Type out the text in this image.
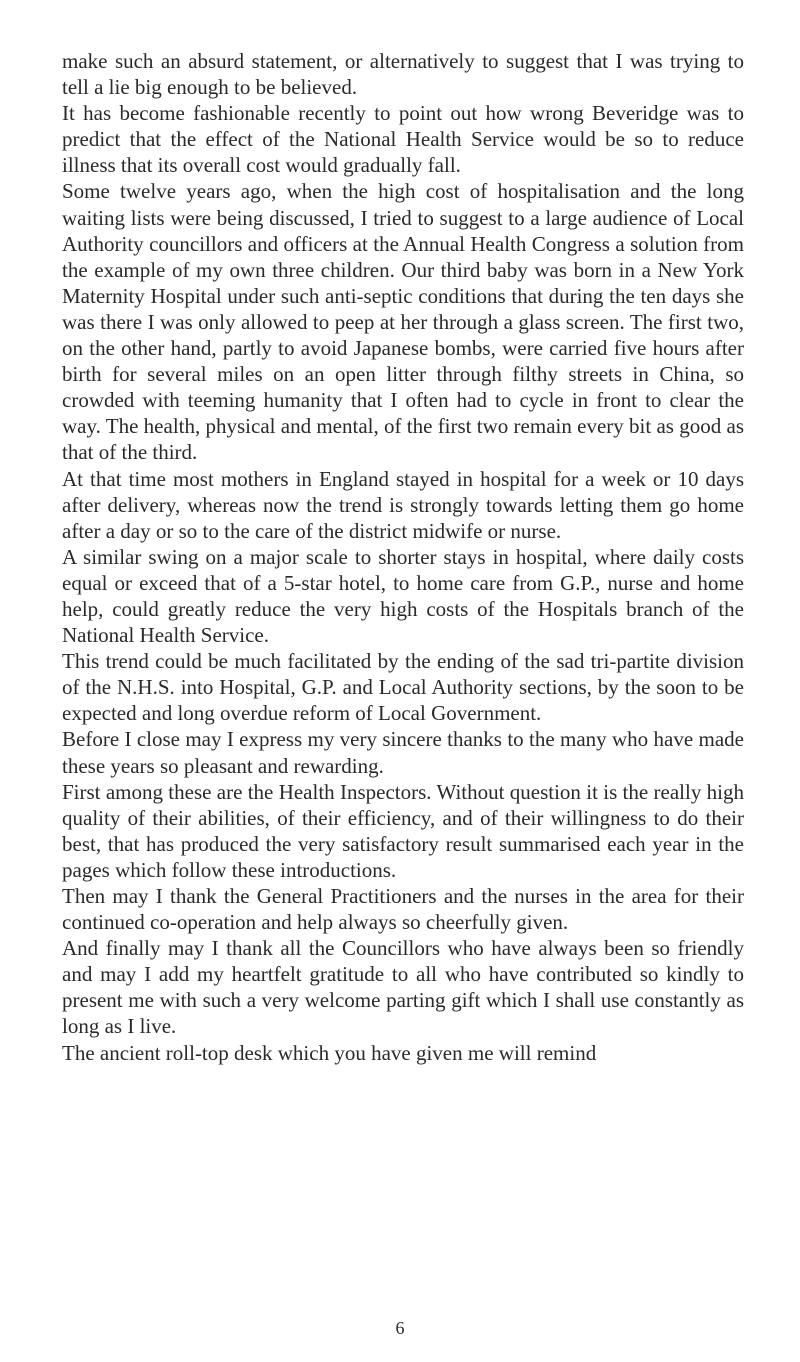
make such an absurd statement, or alternatively to suggest that I was trying to tell a lie big enough to be believed.

It has become fashionable recently to point out how wrong Beveridge was to predict that the effect of the National Health Service would be so to reduce illness that its overall cost would gradually fall.

Some twelve years ago, when the high cost of hospitalisation and the long waiting lists were being discussed, I tried to suggest to a large audience of Local Authority councillors and officers at the Annual Health Congress a solution from the example of my own three children. Our third baby was born in a New York Maternity Hospital under such anti-septic conditions that during the ten days she was there I was only allowed to peep at her through a glass screen. The first two, on the other hand, partly to avoid Japanese bombs, were carried five hours after birth for several miles on an open litter through filthy streets in China, so crowded with teeming humanity that I often had to cycle in front to clear the way. The health, physical and mental, of the first two remain every bit as good as that of the third.

At that time most mothers in England stayed in hospital for a week or 10 days after delivery, whereas now the trend is strongly towards letting them go home after a day or so to the care of the district midwife or nurse.

A similar swing on a major scale to shorter stays in hospital, where daily costs equal or exceed that of a 5-star hotel, to home care from G.P., nurse and home help, could greatly reduce the very high costs of the Hospitals branch of the National Health Service.

This trend could be much facilitated by the ending of the sad tri-partite division of the N.H.S. into Hospital, G.P. and Local Authority sections, by the soon to be expected and long overdue reform of Local Government.

Before I close may I express my very sincere thanks to the many who have made these years so pleasant and rewarding.

First among these are the Health Inspectors. Without question it is the really high quality of their abilities, of their efficiency, and of their willingness to do their best, that has produced the very satisfactory result summarised each year in the pages which follow these introductions.

Then may I thank the General Practitioners and the nurses in the area for their continued co-operation and help always so cheerfully given.

And finally may I thank all the Councillors who have always been so friendly and may I add my heartfelt gratitude to all who have contributed so kindly to present me with such a very welcome parting gift which I shall use constantly as long as I live.

The ancient roll-top desk which you have given me will remind

6
